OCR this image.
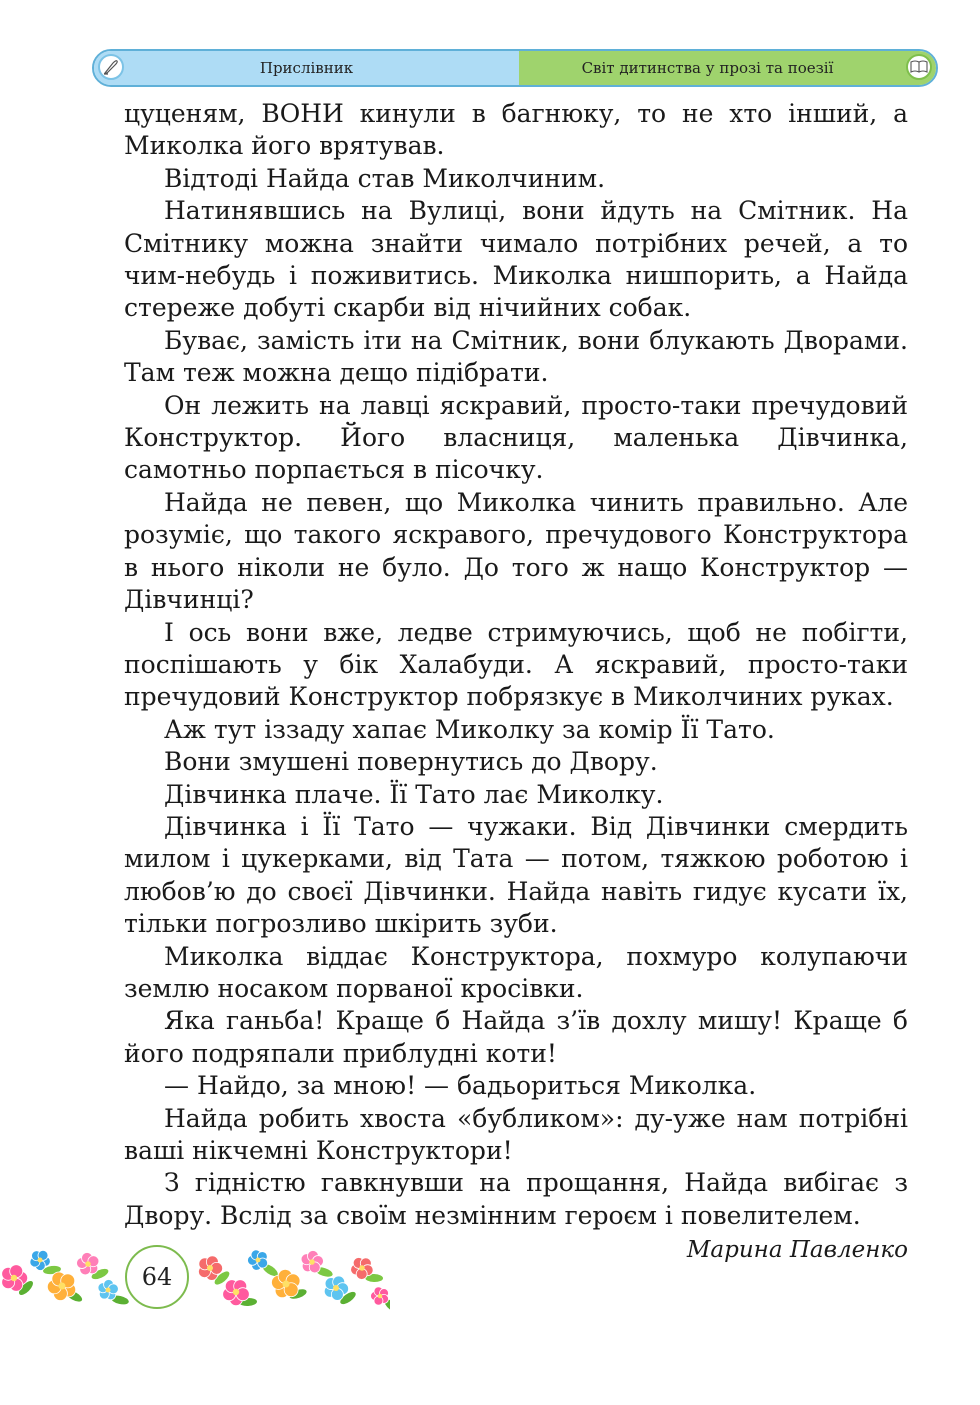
Прислівник	Світ дитинства у прозі та поезії

цуценям, ВОНИ кинули в багнюку, то не хто інший, а Миколка його врятував.

Відтоді Найда став Миколчиним.

Натинявшись на Вулиці, вони йдуть на Смітник. На Смітнику можна знайти чимало потрібних речей, а то чим-небудь і поживитись. Миколка нишпорить, а Найда стереже добуті скарби від нічийних собак.

Буває, замість іти на Смітник, вони блукають Дворами. Там теж можна дещо підібрати.

Он лежить на лавці яскравий, просто-таки пречудовий Конструктор. Його власниця, маленька Дівчинка, самотньо порпається в пісочку.

Найда не певен, що Миколка чинить правильно. Але розуміє, що такого яскравого, пречудового Конструктора в нього ніколи не було. До того ж нащо Конструктор — Дівчинці?

І ось вони вже, ледве стримуючись, щоб не побігти, поспішають у бік Халабуди. А яскравий, просто-таки пречудовий Конструктор побрязкує в Миколчиних руках.

Аж тут іззаду хапає Миколку за комір Її Тато.

Вони змушені повернутись до Двору.

Дівчинка плаче. Її Тато лає Миколку.

Дівчинка і Її Тато — чужаки. Від Дівчинки смердить милом і цукерками, від Тата — потом, тяжкою роботою і любов’ю до своєї Дівчинки. Найда навіть гидує кусати їх, тільки погрозливо шкірить зуби.

Миколка віддає Конструктора, похмуро колупаючи землю носаком порваної кросівки.

Яка ганьба! Краще б Найда з’їв дохлу мишу! Краще б його подряпали приблудні коти!

— Найдо, за мною! — бадьориться Миколка.

Найда робить хвоста «бубликом»: ду-уже нам потрібні ваші нікчемні Конструктори!

З гідністю гавкнувши на прощання, Найда вибігає з Двору. Вслід за своїм незмінним героєм і повелителем.

Марина Павленко

64
